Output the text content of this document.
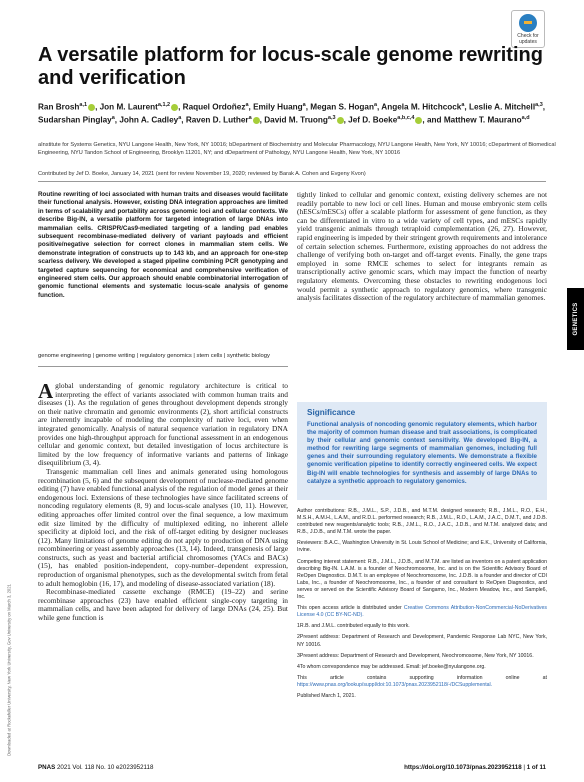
Check for
updates
A versatile platform for locus-scale genome rewriting and verification
Ran Brosh$^{a,1}$ , Jon M. Laurent$^{a,1,2}$ , Raquel Ordoñez$^a$, Emily Huang$^a$, Megan S. Hogan$^a$, Angela M. Hitchcock$^a$, Leslie A. Mitchell$^{a,3}$, Sudarshan Pinglay$^a$, John A. Cadley$^a$, Raven D. Luther$^a$ , David M. Truong$^{a,3}$ , Jef D. Boeke$^{a,b,c,4}$ , and Matthew T. Maurano$^{a,d}$
aInstitute for Systems Genetics, NYU Langone Health, New York, NY 10016; bDepartment of Biochemistry and Molecular Pharmacology, NYU Langone Health, New York, NY 10016; cDepartment of Biomedical Engineering, NYU Tandon School of Engineering, Brooklyn 11201, NY; and dDepartment of Pathology, NYU Langone Health, New York, NY 10016
Contributed by Jef D. Boeke, January 14, 2021 (sent for review November 19, 2020; reviewed by Barak A. Cohen and Evgeny Kvon)
Routine rewriting of loci associated with human traits and diseases would facilitate their functional analysis. However, existing DNA integration approaches are limited in terms of scalability and portability across genomic loci and cellular contexts. We describe Big-IN, a versatile platform for targeted integration of large DNAs into mammalian cells. CRISPR/Cas9-mediated targeting of a landing pad enables subsequent recombinase-mediated delivery of variant payloads and efficient positive/negative selection for correct clones in mammalian stem cells. We demonstrate integration of constructs up to 143 kb, and an approach for one-step scarless delivery. We developed a staged pipeline combining PCR genotyping and targeted capture sequencing for economical and comprehensive verification of engineered stem cells. Our approach should enable combinatorial interrogation of genomic functional elements and systematic locus-scale analysis of genome function.
genome engineering | genome writing | regulatory genomics | stem cells | synthetic biology

Aglobal understanding of genomic regulatory architecture is critical to interpreting the effect of variants associated with common human traits and diseases (1). As the regulation of genes throughout development depends strongly on their native chromatin and genomic environments (2), short artificial constructs are inherently incapable of modeling the complexity of native loci, even when integrated genomically. Analysis of natural sequence variation in regulatory DNA provides one high-throughput approach for functional assessment in an endogenous cellular and genomic context, but detailed investigation of locus architecture is limited by the low frequency of informative variants and patterns of linkage disequilibrium (3, 4).

Transgenic mammalian cell lines and animals generated using homologous recombination (5, 6) and the subsequent development of nuclease-mediated genome editing (7) have enabled functional analysis of the regulation of model genes at their endogenous loci. Extensions of these technologies have since facilitated screens of noncoding regulatory elements (8, 9) and locus-scale analyses (10, 11). However, editing approaches offer limited control over the final sequence, a low maximum edit size limited by the difficulty of multiplexed editing, no inherent allele specificity at diploid loci, and the risk of off-target editing by designer nucleases (12). Many limitations of genome editing do not apply to production of DNA using recombineering or yeast assembly approaches (13, 14). Indeed, transgenesis of large constructs, such as yeast and bacterial artificial chromosomes (YACs and BACs) (15), has enabled position-independent, copy-number–dependent expression, reproduction of organismal phenotypes, such as the developmental switch from fetal to adult hemoglobin (16, 17), and modeling of disease-associated variation (18).

Recombinase-mediated cassette exchange (RMCE) (19–22) and serine recombinase approaches (23) have enabled efficient single-copy targeting in mammalian cells, and have been adapted for delivery of large DNAs (24, 25). But while gene function is

tightly linked to cellular and genomic context, existing delivery schemes are not readily portable to new loci or cell lines. Human and mouse embryonic stem cells (hESCs/mESCs) offer a scalable platform for assessment of gene function, as they can be differentiated in vitro to a wide variety of cell types, and mESCs rapidly yield transgenic animals through tetraploid complementation (26, 27). However, rapid engineering is impeded by their stringent growth requirements and intolerance of certain selection schemes. Furthermore, existing approaches do not address the challenge of verifying both on-target and off-target events. Finally, the gene traps employed in some RMCE schemes to select for integrants remain as transcriptionally active genomic scars, which may impact the function of nearby regulatory elements. Overcoming these obstacles to rewriting endogenous loci would permit a synthetic approach to regulatory genomics, where transgenic analysis facilitates dissection of the regulatory architecture of mammalian genomes.
Significance
Functional analysis of noncoding genomic regulatory elements, which harbor the majority of common human disease and trait associations, is complicated by their cellular and genomic context sensitivity. We developed Big-IN, a method for rewriting large segments of mammalian genomes, including full genes and their surrounding regulatory elements. We demonstrate a flexible genomic verification pipeline to identify correctly engineered cells. We expect Big-IN will enable technologies for synthesis and assembly of large DNAs to catalyze a synthetic approach to regulatory genomics.

Author contributions: R.B., J.M.L., S.P., J.D.B., and M.T.M. designed research; R.B., J.M.L., R.O., E.H., M.S.H., A.M.H., L.A.M., and R.D.L. performed research; R.B., J.M.L., R.O., L.A.M., J.A.C., D.M.T., and J.D.B. contributed new reagents/analytic tools; R.B., J.M.L., R.O., J.A.C., J.D.B., and M.T.M. analyzed data; and R.B., J.D.B., and M.T.M. wrote the paper.

Reviewers: B.A.C., Washington University in St. Louis School of Medicine; and E.K., University of California, Irvine.

Competing interest statement: R.B., J.M.L., J.D.B., and M.T.M. are listed as inventors on a patent application describing Big-IN. L.A.M. is a founder of Neochromosome, Inc. and is on the Scientific Advisory Board of ReOpen Diagnostics. D.M.T. is an employee of Neochromosome, Inc. J.D.B. is a founder and director of CDI Labs, Inc., a founder of Neochromosome, Inc., a founder of and consultant to ReOpen Diagnostics, and serves or served on the Scientific Advisory Board of Sangamo, Inc., Modern Meadow, Inc., and Sample6, Inc.

This open access article is distributed under Creative Commons Attribution-NonCommercial-NoDerivatives License 4.0 (CC BY-NC-ND).

1R.B. and J.M.L. contributed equally to this work.

2Present address: Department of Research and Development, Pandemic Response Lab NYC, New York, NY 10016.

3Present address: Department of Research and Development, Neochromosome, New York, NY 10016.

4To whom correspondence may be addressed. Email: jef.boeke@nyulangone.org.

This article contains supporting information online at https://www.pnas.org/lookup/suppl/doi:10.1073/pnas.2023952118/-/DCSupplemental.

Published March 1, 2021.

GENETICS
Downloaded at Rockefeller University, New York University, Gov University on March 3, 2021
PNAS 2021 Vol. 118 No. 10 e2023952118	https://doi.org/10.1073/pnas.2023952118 | 1 of 11
